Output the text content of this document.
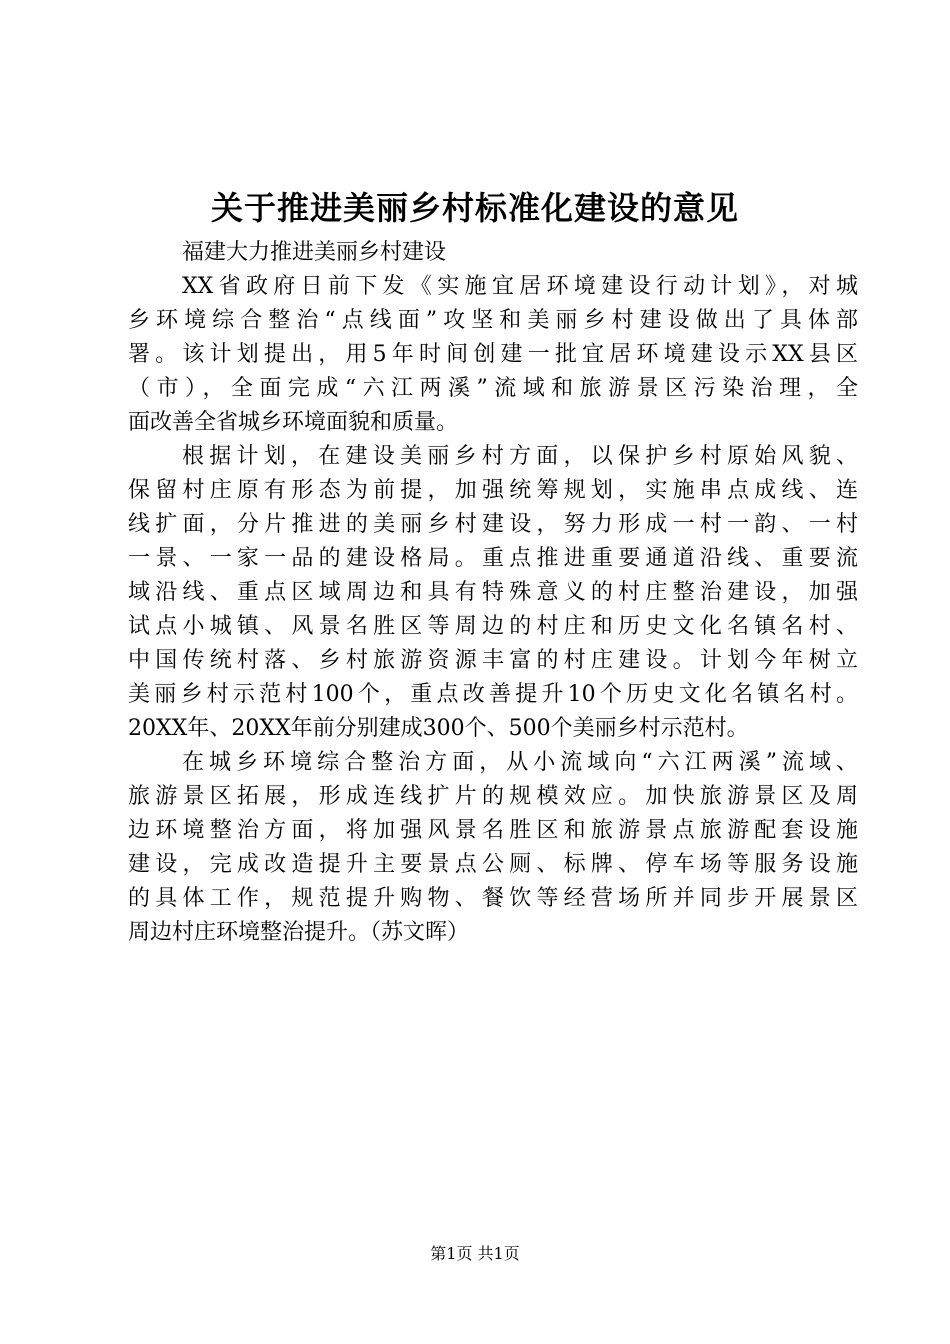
关于推进美丽乡村标准化建设的意见
福建大力推进美丽乡村建设
XX省政府日前下发《实施宜居环境建设行动计划》，对城
乡环境综合整治“点线面”攻坚和美丽乡村建设做出了具体部
署。该计划提出，用5年时间创建一批宜居环境建设示XX县区
（市），全面完成“六江两溪”流域和旅游景区污染治理，全
面改善全省城乡环境面貌和质量。
根据计划，在建设美丽乡村方面，以保护乡村原始风貌、
保留村庄原有形态为前提，加强统筹规划，实施串点成线、连
线扩面，分片推进的美丽乡村建设，努力形成一村一韵、一村
一景、一家一品的建设格局。重点推进重要通道沿线、重要流
域沿线、重点区域周边和具有特殊意义的村庄整治建设，加强
试点小城镇、风景名胜区等周边的村庄和历史文化名镇名村、
中国传统村落、乡村旅游资源丰富的村庄建设。计划今年树立
美丽乡村示范村100个，重点改善提升10个历史文化名镇名村。
20XX年、20XX年前分别建成300个、500个美丽乡村示范村。
在城乡环境综合整治方面，从小流域向“六江两溪”流域、
旅游景区拓展，形成连线扩片的规模效应。加快旅游景区及周
边环境整治方面，将加强风景名胜区和旅游景点旅游配套设施
建设，完成改造提升主要景点公厕、标牌、停车场等服务设施
的具体工作，规范提升购物、餐饮等经营场所并同步开展景区
周边村庄环境整治提升。（苏文晖）
第1页 共1页
